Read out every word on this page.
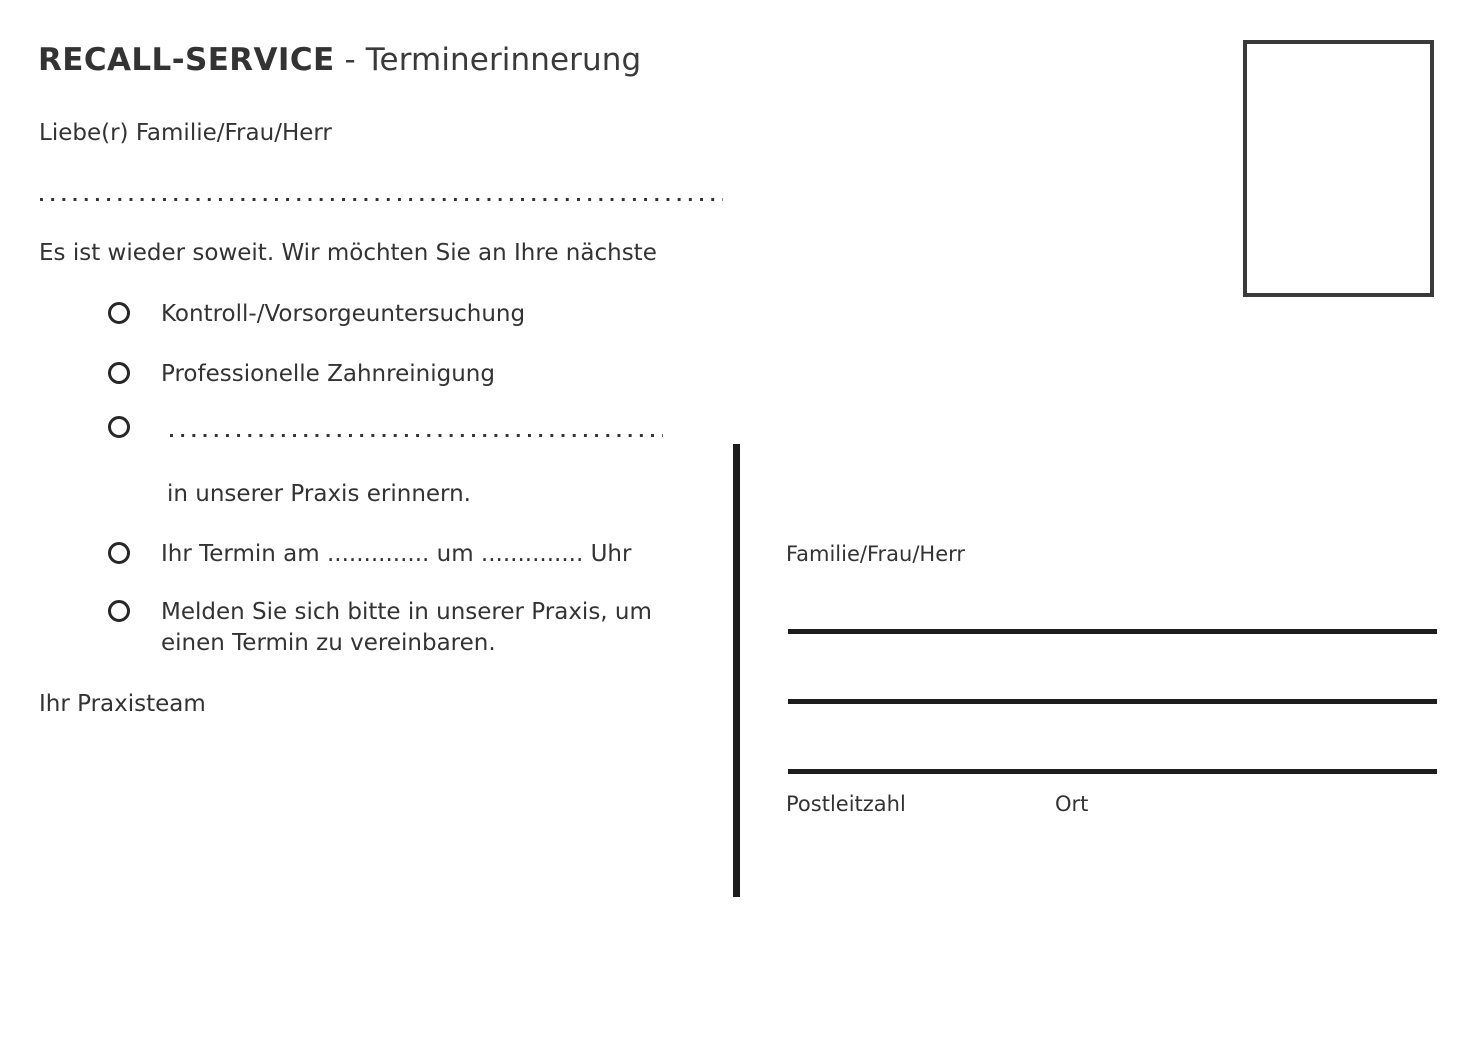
RECALL-SERVICE - Terminerinnerung
Liebe(r) Familie/Frau/Herr
Es ist wieder soweit. Wir möchten Sie an Ihre nächste
Kontroll-/Vorsorgeuntersuchung
Professionelle Zahnreinigung
in unserer Praxis erinnern.
Ihr Termin am .............. um .............. Uhr
Melden Sie sich bitte in unserer Praxis, um
einen Termin zu vereinbaren.
Ihr Praxisteam
Familie/Frau/Herr
Postleitzahl	Ort
